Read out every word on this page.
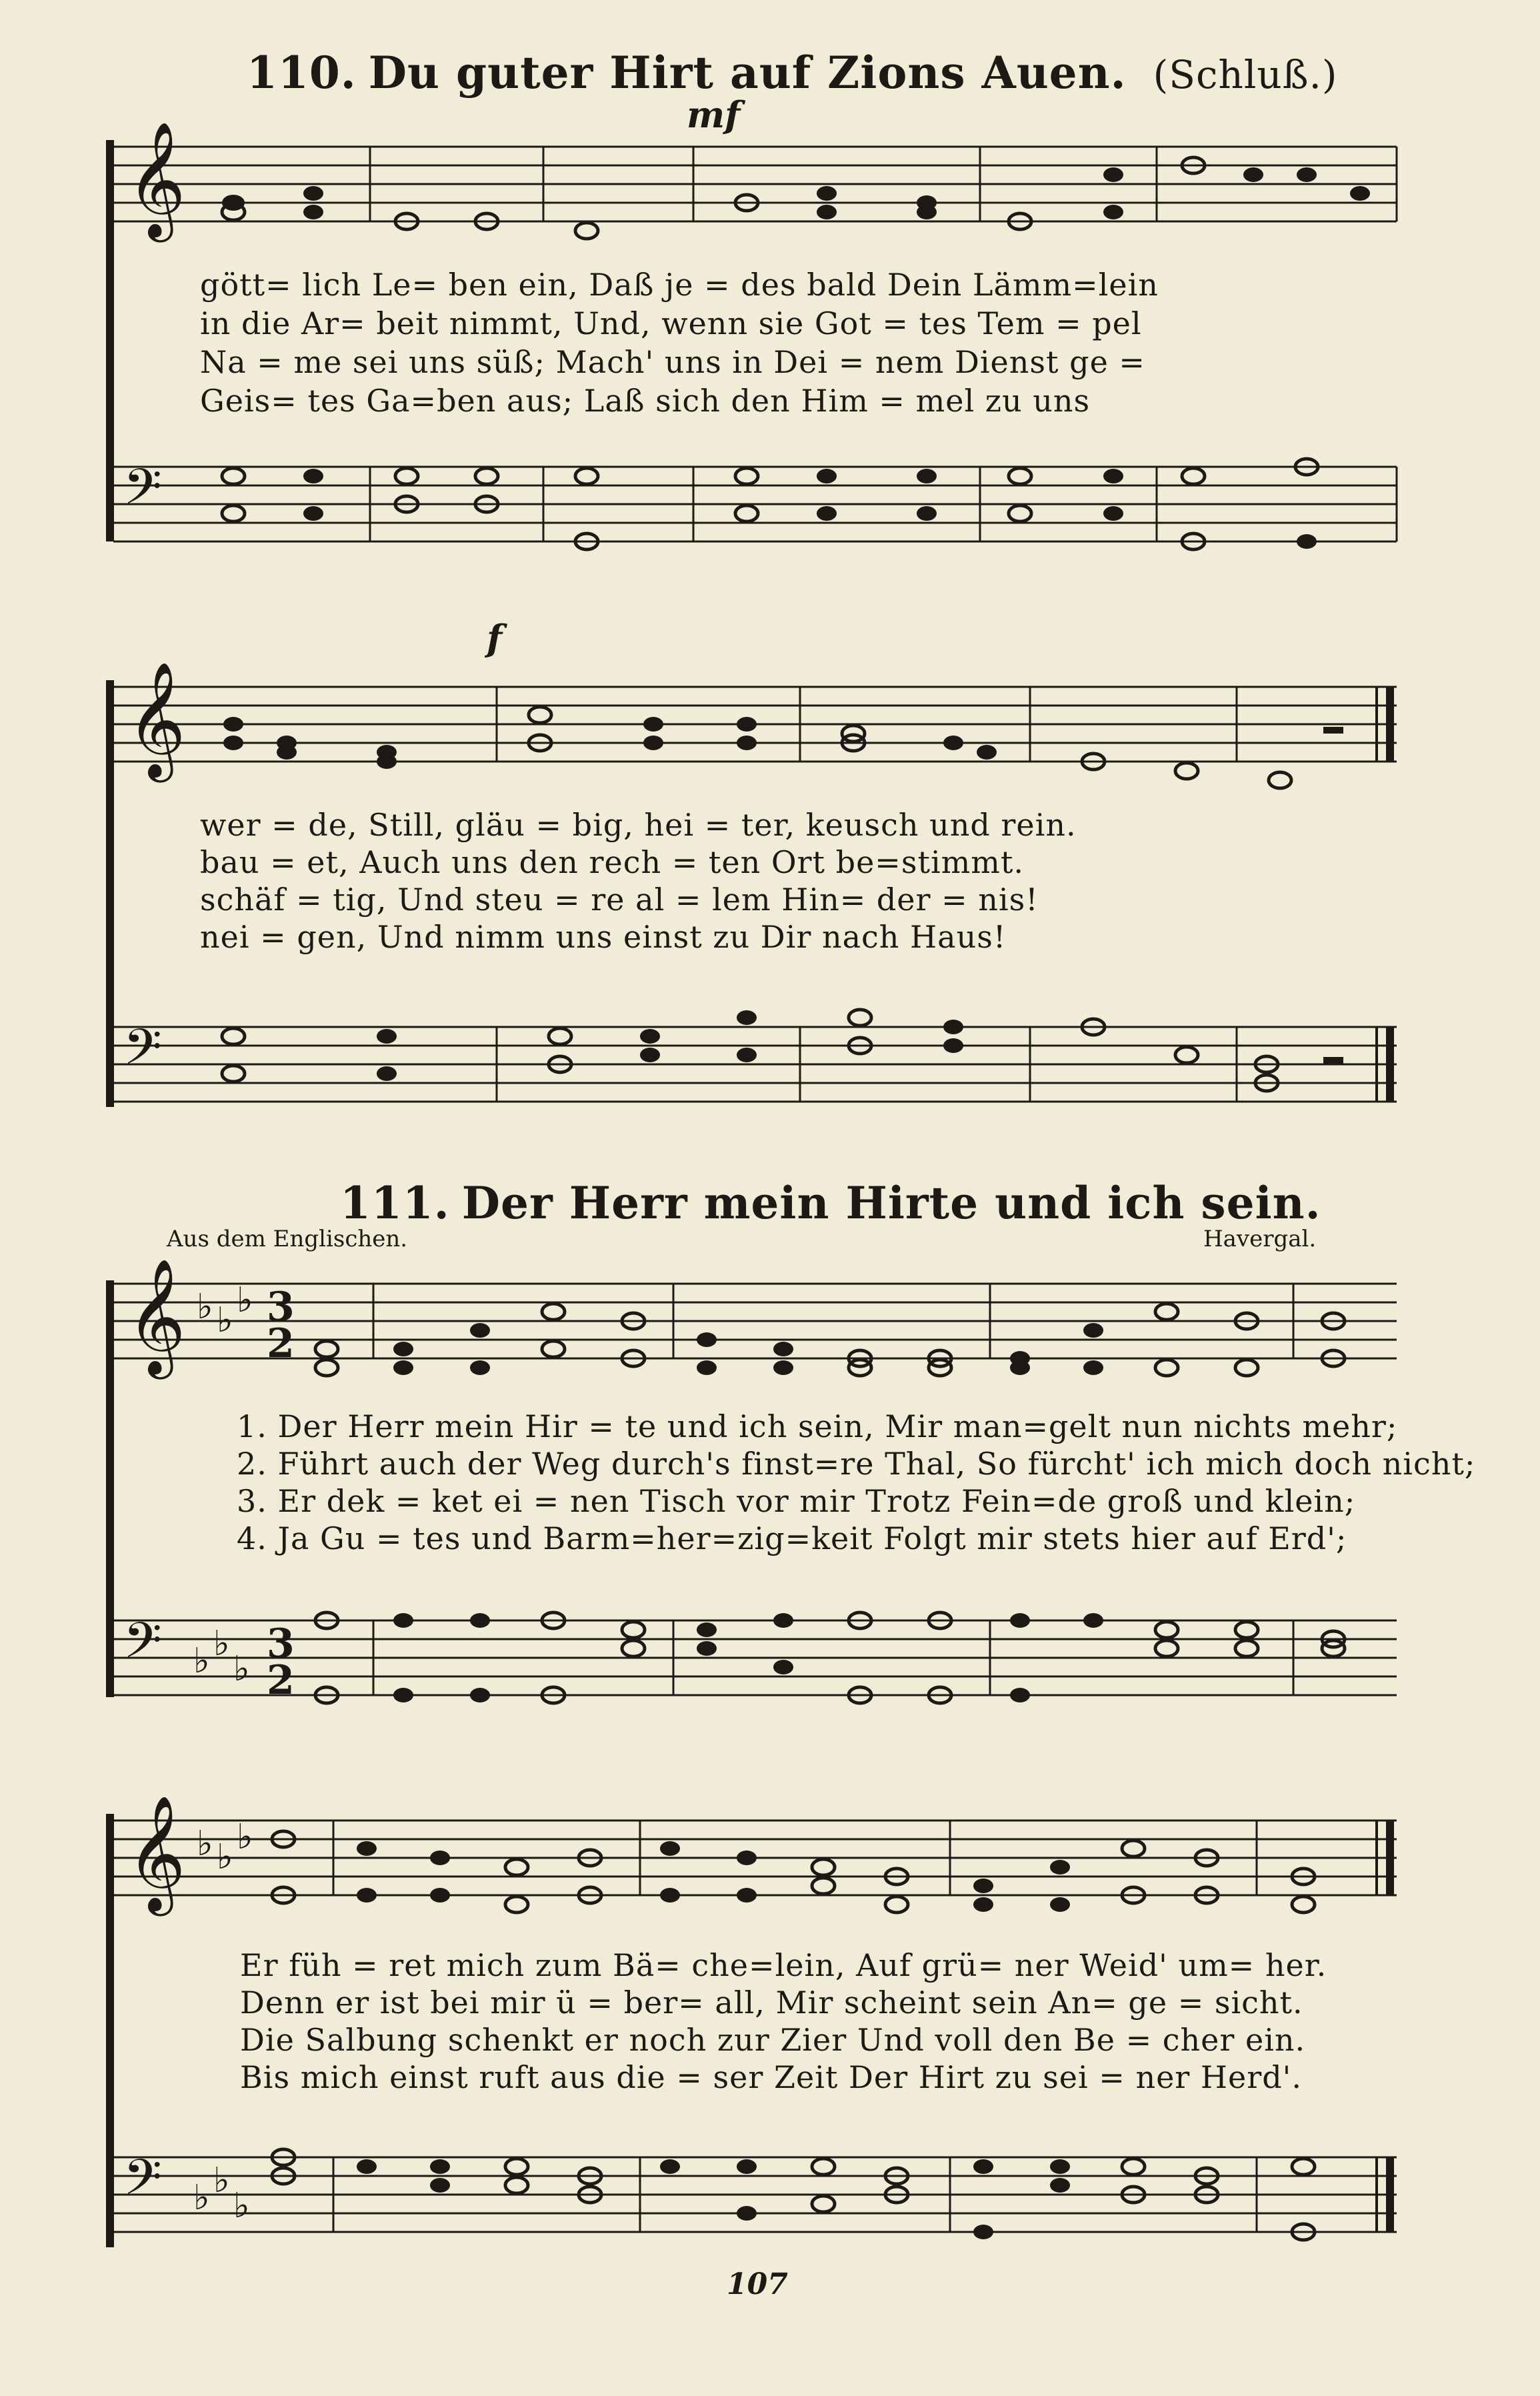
110. Du guter Hirt auf Zions Auen. (Schluß.)
mf
𝄞
gött= lich Le= ben ein, Daß je = des bald Dein Lämm=lein
in die Ar= beit nimmt, Und, wenn sie Got = tes Tem = pel
Na = me sei uns süß; Mach' uns in Dei = nem Dienst ge =
Geis= tes Ga=ben aus; Laß sich den Him = mel zu uns
𝄢
f
𝄞
wer = de, Still, gläu = big, hei = ter, keusch und rein.
bau = et, Auch uns den rech = ten Ort be=stimmt.
schäf = tig, Und steu = re al = lem Hin= der = nis!
nei = gen, Und nimm uns einst zu Dir nach Haus!
𝄢
111. Der Herr mein Hirte und ich sein.
Aus dem Englischen.	Havergal.
𝄞 ♭ ♭ ♭ 3
2
1. Der Herr mein Hir = te und ich sein, Mir man=gelt nun nichts mehr;
2. Führt auch der Weg durch's finst=re Thal, So fürcht' ich mich doch nicht;
3. Er dek = ket ei = nen Tisch vor mir Trotz Fein=de groß und klein;
4. Ja Gu = tes und Barm=her=zig=keit Folgt mir stets hier auf Erd';
𝄢 ♭ ♭
♭
3
2
𝄞 ♭ ♭ ♭
Er füh = ret mich zum Bä= che=lein, Auf grü= ner Weid' um= her.
Denn er ist bei mir ü = ber= all, Mir scheint sein An= ge = sicht.
Die Salbung schenkt er noch zur Zier Und voll den Be = cher ein.
Bis mich einst ruft aus die = ser Zeit Der Hirt zu sei = ner Herd'.
𝄢 ♭ ♭
♭
107
